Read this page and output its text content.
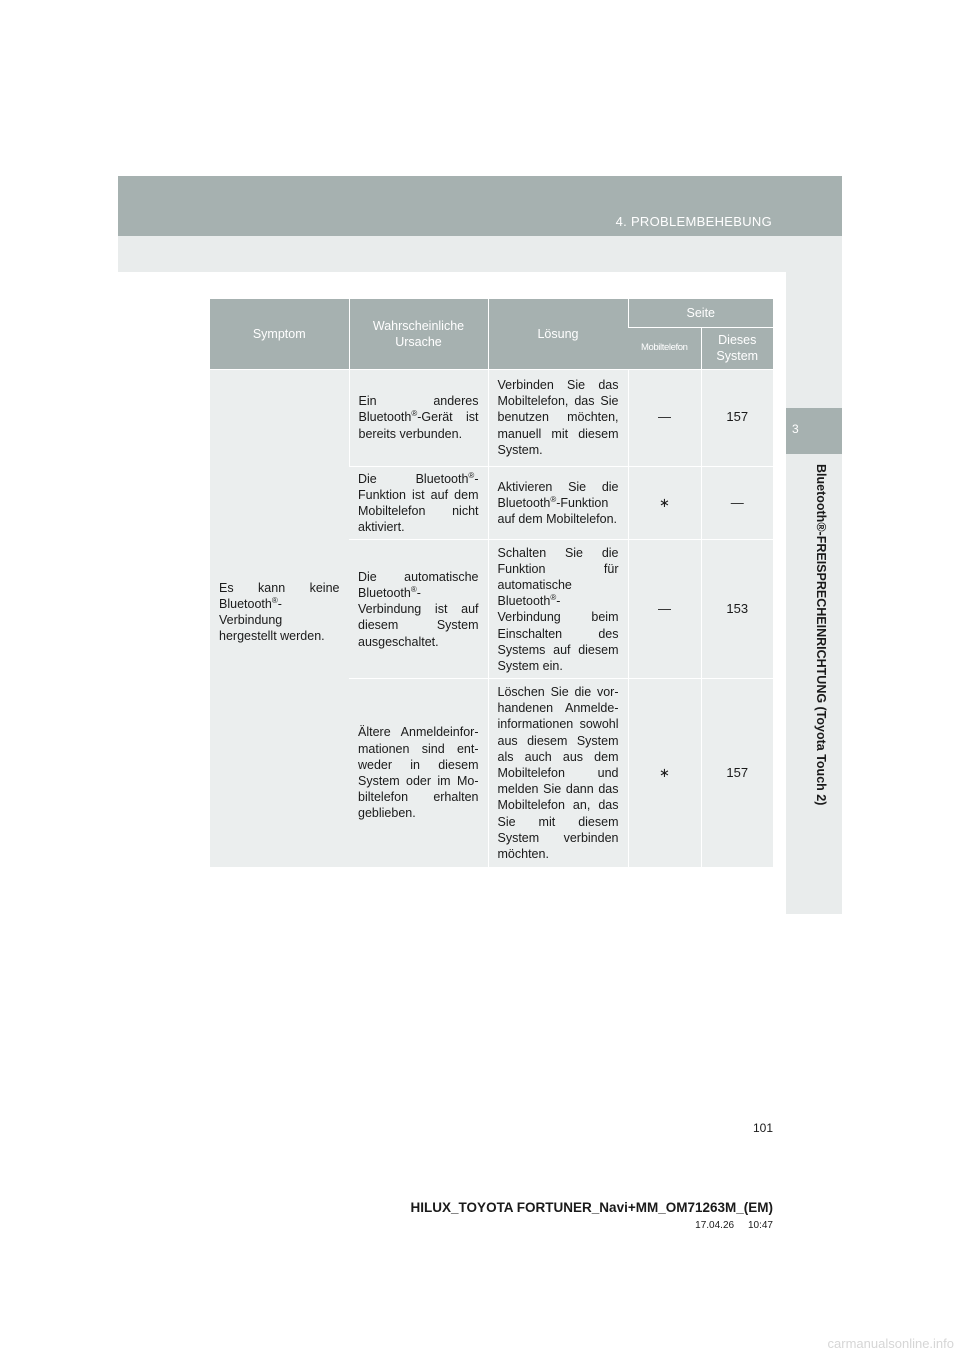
4. PROBLEMBEHEBUNG
3
Bluetooth®-FREISPRECHEINRICHTUNG (Toyota Touch 2)
Symptom	Wahrscheinliche Ursache	Lösung	Seite	
			Mobiltelefon	Dieses System
Es kann keine Bluetooth®-Verbindung hergestellt werden.	Ein anderes Bluetooth®-Gerät ist bereits verbunden.	Verbinden Sie das Mobiltelefon, das Sie benutzen möchten, manuell mit diesem System.	—	157
	Die Bluetooth®-Funktion ist auf dem Mobiltelefon nicht aktiviert.	Aktivieren Sie die Bluetooth®-Funktion auf dem Mobiltelefon.	∗	—
	Die automatische Bluetooth®-Verbindung ist auf diesem System ausgeschaltet.	Schalten Sie die Funktion für automatische Bluetooth®-Verbindung beim Einschalten des Systems auf diesem System ein.	—	153
	Ältere Anmeldeinformationen sind entweder in diesem System oder im Mobiltelefon erhalten geblieben.	Löschen Sie die vorhandenen Anmeldeinformationen sowohl aus diesem System als auch aus dem Mobiltelefon und melden Sie dann das Mobiltelefon an, das Sie mit diesem System verbinden möchten.	∗	157
101
HILUX_TOYOTA FORTUNER_Navi+MM_OM71263M_(EM)
17.04.26     10:47
carmanualsonline.info
